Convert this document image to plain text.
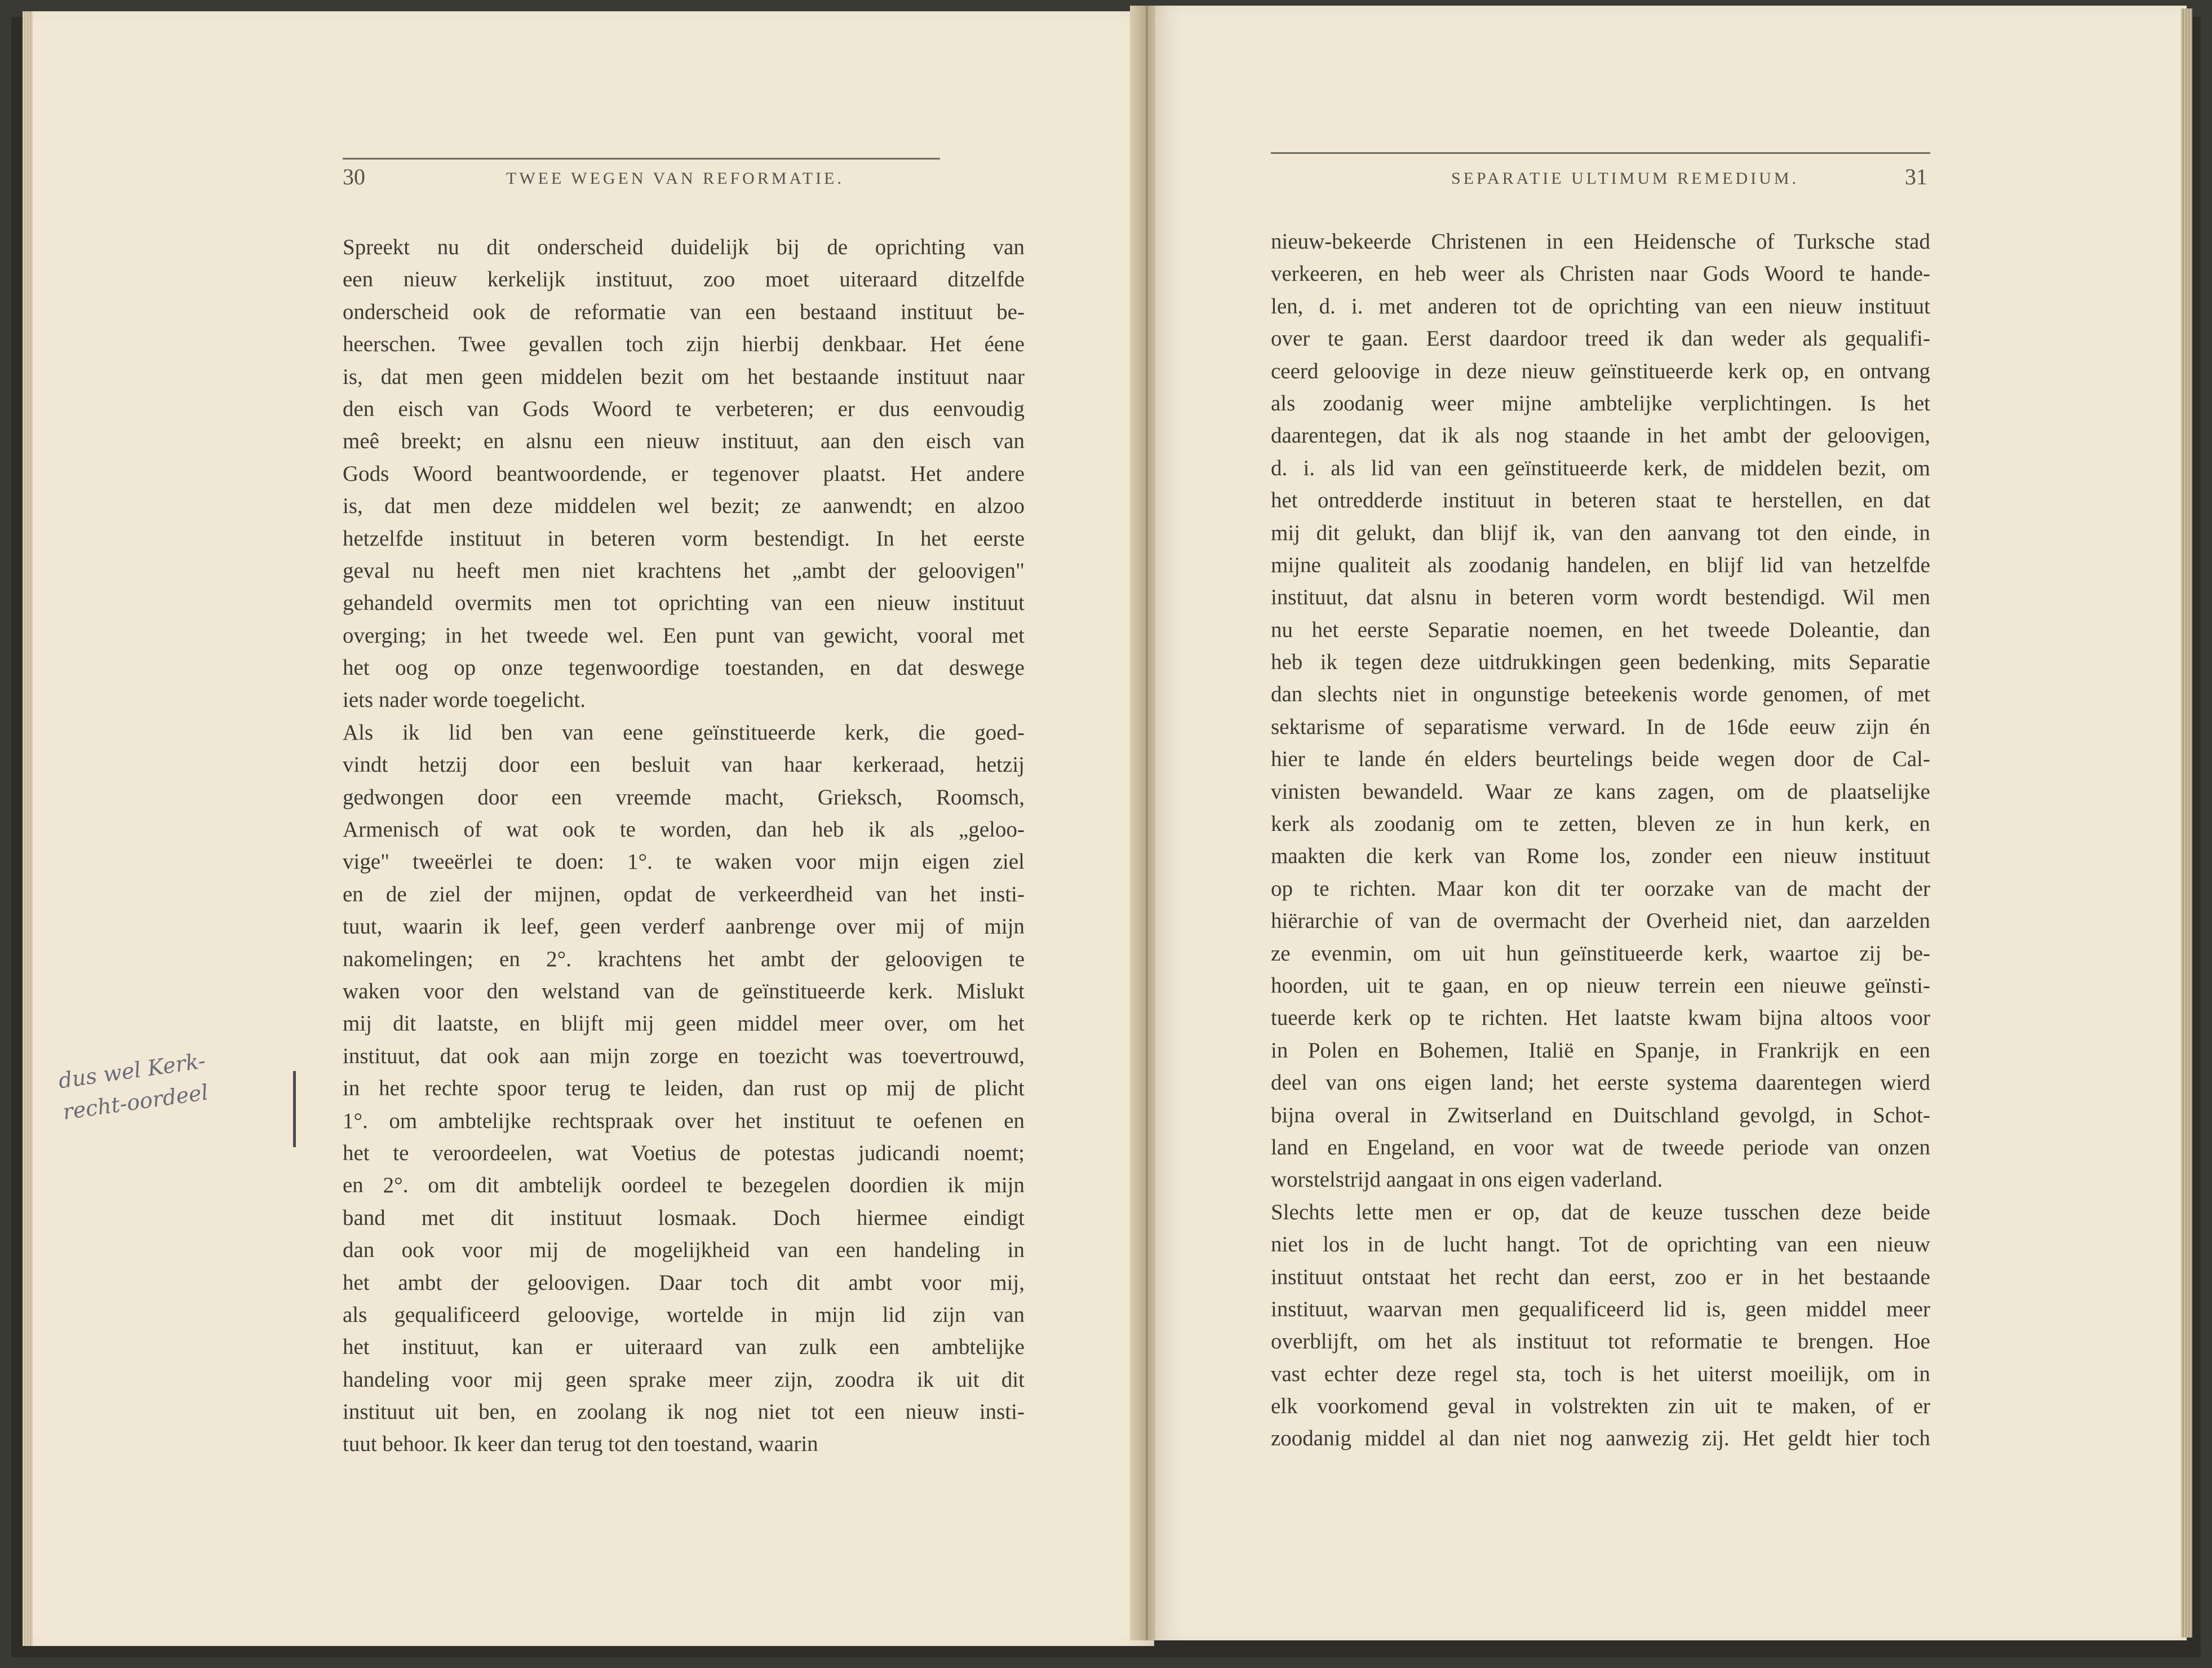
30	TWEE WEGEN VAN REFORMATIE.
Spreekt nu dit onderscheid duidelijk bij de oprichting van
een nieuw kerkelijk instituut, zoo moet uiteraard ditzelfde
onderscheid ook de reformatie van een bestaand instituut be-
heerschen. Twee gevallen toch zijn hierbij denkbaar. Het éene
is, dat men geen middelen bezit om het bestaande instituut naar
den eisch van Gods Woord te verbeteren; er dus eenvoudig
meê breekt; en alsnu een nieuw instituut, aan den eisch van
Gods Woord beantwoordende, er tegenover plaatst. Het andere
is, dat men deze middelen wel bezit; ze aanwendt; en alzoo
hetzelfde instituut in beteren vorm bestendigt. In het eerste
geval nu heeft men niet krachtens het „ambt der geloovigen"
gehandeld overmits men tot oprichting van een nieuw instituut
overging; in het tweede wel. Een punt van gewicht, vooral met
het oog op onze tegenwoordige toestanden, en dat deswege
iets nader worde toegelicht.
Als ik lid ben van eene geïnstitueerde kerk, die goed-
vindt hetzij door een besluit van haar kerkeraad, hetzij
gedwongen door een vreemde macht, Grieksch, Roomsch,
Armenisch of wat ook te worden, dan heb ik als „geloo-
vige" tweeërlei te doen: 1°. te waken voor mijn eigen ziel
en de ziel der mijnen, opdat de verkeerdheid van het insti-
tuut, waarin ik leef, geen verderf aanbrenge over mij of mijn
nakomelingen; en 2°. krachtens het ambt der geloovigen te
waken voor den welstand van de geïnstitueerde kerk. Mislukt
mij dit laatste, en blijft mij geen middel meer over, om het
instituut, dat ook aan mijn zorge en toezicht was toevertrouwd,
in het rechte spoor terug te leiden, dan rust op mij de plicht
1°. om ambtelijke rechtspraak over het instituut te oefenen en
het te veroordeelen, wat Voetius de potestas judicandi noemt;
en 2°. om dit ambtelijk oordeel te bezegelen doordien ik mijn
band met dit instituut losmaak. Doch hiermee eindigt
dan ook voor mij de mogelijkheid van een handeling in
het ambt der geloovigen. Daar toch dit ambt voor mij,
als gequalificeerd geloovige, wortelde in mijn lid zijn van
het instituut, kan er uiteraard van zulk een ambtelijke
handeling voor mij geen sprake meer zijn, zoodra ik uit dit
instituut uit ben, en zoolang ik nog niet tot een nieuw insti-
tuut behoor. Ik keer dan terug tot den toestand, waarin
SEPARATIE ULTIMUM REMEDIUM.	31
nieuw-bekeerde Christenen in een Heidensche of Turksche stad
verkeeren, en heb weer als Christen naar Gods Woord te hande-
len, d. i. met anderen tot de oprichting van een nieuw instituut
over te gaan. Eerst daardoor treed ik dan weder als gequalifi-
ceerd geloovige in deze nieuw geïnstitueerde kerk op, en ontvang
als zoodanig weer mijne ambtelijke verplichtingen. Is het
daarentegen, dat ik als nog staande in het ambt der geloovigen,
d. i. als lid van een geïnstitueerde kerk, de middelen bezit, om
het ontredderde instituut in beteren staat te herstellen, en dat
mij dit gelukt, dan blijf ik, van den aanvang tot den einde, in
mijne qualiteit als zoodanig handelen, en blijf lid van hetzelfde
instituut, dat alsnu in beteren vorm wordt bestendigd. Wil men
nu het eerste Separatie noemen, en het tweede Doleantie, dan
heb ik tegen deze uitdrukkingen geen bedenking, mits Separatie
dan slechts niet in ongunstige beteekenis worde genomen, of met
sektarisme of separatisme verward. In de 16de eeuw zijn én
hier te lande én elders beurtelings beide wegen door de Cal-
vinisten bewandeld. Waar ze kans zagen, om de plaatselijke
kerk als zoodanig om te zetten, bleven ze in hun kerk, en
maakten die kerk van Rome los, zonder een nieuw instituut
op te richten. Maar kon dit ter oorzake van de macht der
hiërarchie of van de overmacht der Overheid niet, dan aarzelden
ze evenmin, om uit hun geïnstitueerde kerk, waartoe zij be-
hoorden, uit te gaan, en op nieuw terrein een nieuwe geïnsti-
tueerde kerk op te richten. Het laatste kwam bijna altoos voor
in Polen en Bohemen, Italië en Spanje, in Frankrijk en een
deel van ons eigen land; het eerste systema daarentegen wierd
bijna overal in Zwitserland en Duitschland gevolgd, in Schot-
land en Engeland, en voor wat de tweede periode van onzen
worstelstrijd aangaat in ons eigen vaderland.
Slechts lette men er op, dat de keuze tusschen deze beide
niet los in de lucht hangt. Tot de oprichting van een nieuw
instituut ontstaat het recht dan eerst, zoo er in het bestaande
instituut, waarvan men gequalificeerd lid is, geen middel meer
overblijft, om het als instituut tot reformatie te brengen. Hoe
vast echter deze regel sta, toch is het uiterst moeilijk, om in
elk voorkomend geval in volstrekten zin uit te maken, of er
zoodanig middel al dan niet nog aanwezig zij. Het geldt hier toch
dus wel Kerk-
recht-oordeel
